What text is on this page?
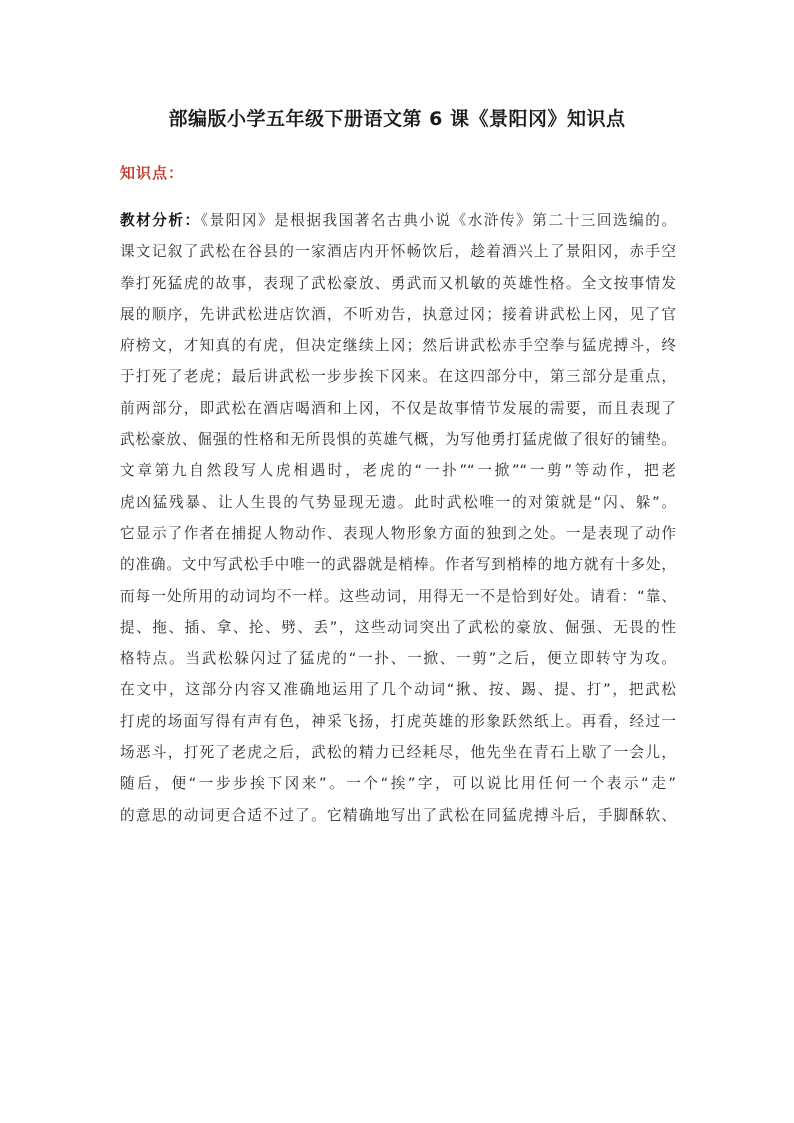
部编版小学五年级下册语文第 6 课《景阳冈》知识点
知识点：
教材分析：《景阳冈》是根据我国著名古典小说《水浒传》第二十三回选编的。
课文记叙了武松在谷县的一家酒店内开怀畅饮后，趁着酒兴上了景阳冈，赤手空
拳打死猛虎的故事，表现了武松豪放、勇武而又机敏的英雄性格。全文按事情发
展的顺序，先讲武松进店饮酒，不听劝告，执意过冈；接着讲武松上冈，见了官
府榜文，才知真的有虎，但决定继续上冈；然后讲武松赤手空拳与猛虎搏斗，终
于打死了老虎；最后讲武松一步步挨下冈来。在这四部分中，第三部分是重点，
前两部分，即武松在酒店喝酒和上冈，不仅是故事情节发展的需要，而且表现了
武松豪放、倔强的性格和无所畏惧的英雄气概，为写他勇打猛虎做了很好的铺垫。
文章第九自然段写人虎相遇时，老虎的“一扑”“一掀”“一剪”等动作，把老
虎凶猛残暴、让人生畏的气势显现无遗。此时武松唯一的对策就是“闪、躲”。
它显示了作者在捕捉人物动作、表现人物形象方面的独到之处。一是表现了动作
的准确。文中写武松手中唯一的武器就是梢棒。作者写到梢棒的地方就有十多处，
而每一处所用的动词均不一样。这些动词，用得无一不是恰到好处。请看：“靠、
提、拖、插、拿、抡、劈、丢”，这些动词突出了武松的豪放、倔强、无畏的性
格特点。当武松躲闪过了猛虎的“一扑、一掀、一剪”之后，便立即转守为攻。
在文中，这部分内容又准确地运用了几个动词“揪、按、踢、提、打”，把武松
打虎的场面写得有声有色，神采飞扬，打虎英雄的形象跃然纸上。再看，经过一
场恶斗，打死了老虎之后，武松的精力已经耗尽，他先坐在青石上歇了一会儿，
随后，便“一步步挨下冈来”。一个“挨”字，可以说比用任何一个表示“走”
的意思的动词更合适不过了。它精确地写出了武松在同猛虎搏斗后，手脚酥软、
